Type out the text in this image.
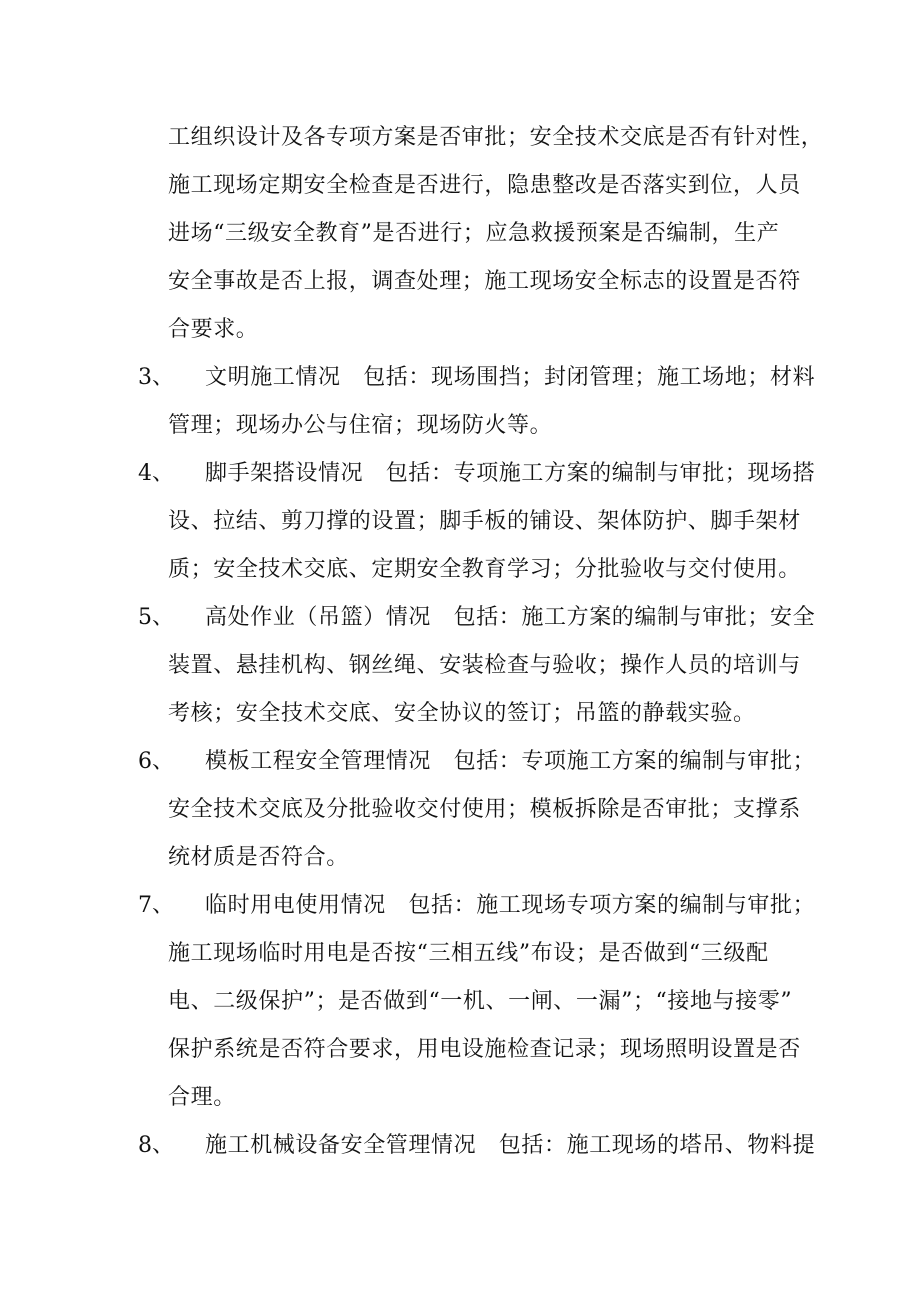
工组织设计及各专项方案是否审批；安全技术交底是否有针对性，
施工现场定期安全检查是否进行，隐患整改是否落实到位，人员
进场“三级安全教育”是否进行；应急救援预案是否编制，生产
安全事故是否上报，调查处理；施工现场安全标志的设置是否符
合要求。
3、 文明施工情况　包括：现场围挡；封闭管理；施工场地；材料
管理；现场办公与住宿；现场防火等。
4、 脚手架搭设情况　包括：专项施工方案的编制与审批；现场搭
设、拉结、剪刀撑的设置；脚手板的铺设、架体防护、脚手架材
质；安全技术交底、定期安全教育学习；分批验收与交付使用。
5、 高处作业（吊篮）情况　包括：施工方案的编制与审批；安全
装置、悬挂机构、钢丝绳、安装检查与验收；操作人员的培训与
考核；安全技术交底、安全协议的签订；吊篮的静载实验。
6、 模板工程安全管理情况　包括：专项施工方案的编制与审批；
安全技术交底及分批验收交付使用；模板拆除是否审批；支撑系
统材质是否符合。
7、 临时用电使用情况　包括：施工现场专项方案的编制与审批；
施工现场临时用电是否按“三相五线”布设；是否做到“三级配
电、二级保护”；是否做到“一机、一闸、一漏”；“接地与接零”
保护系统是否符合要求，用电设施检查记录；现场照明设置是否
合理。
8、 施工机械设备安全管理情况　包括：施工现场的塔吊、物料提
